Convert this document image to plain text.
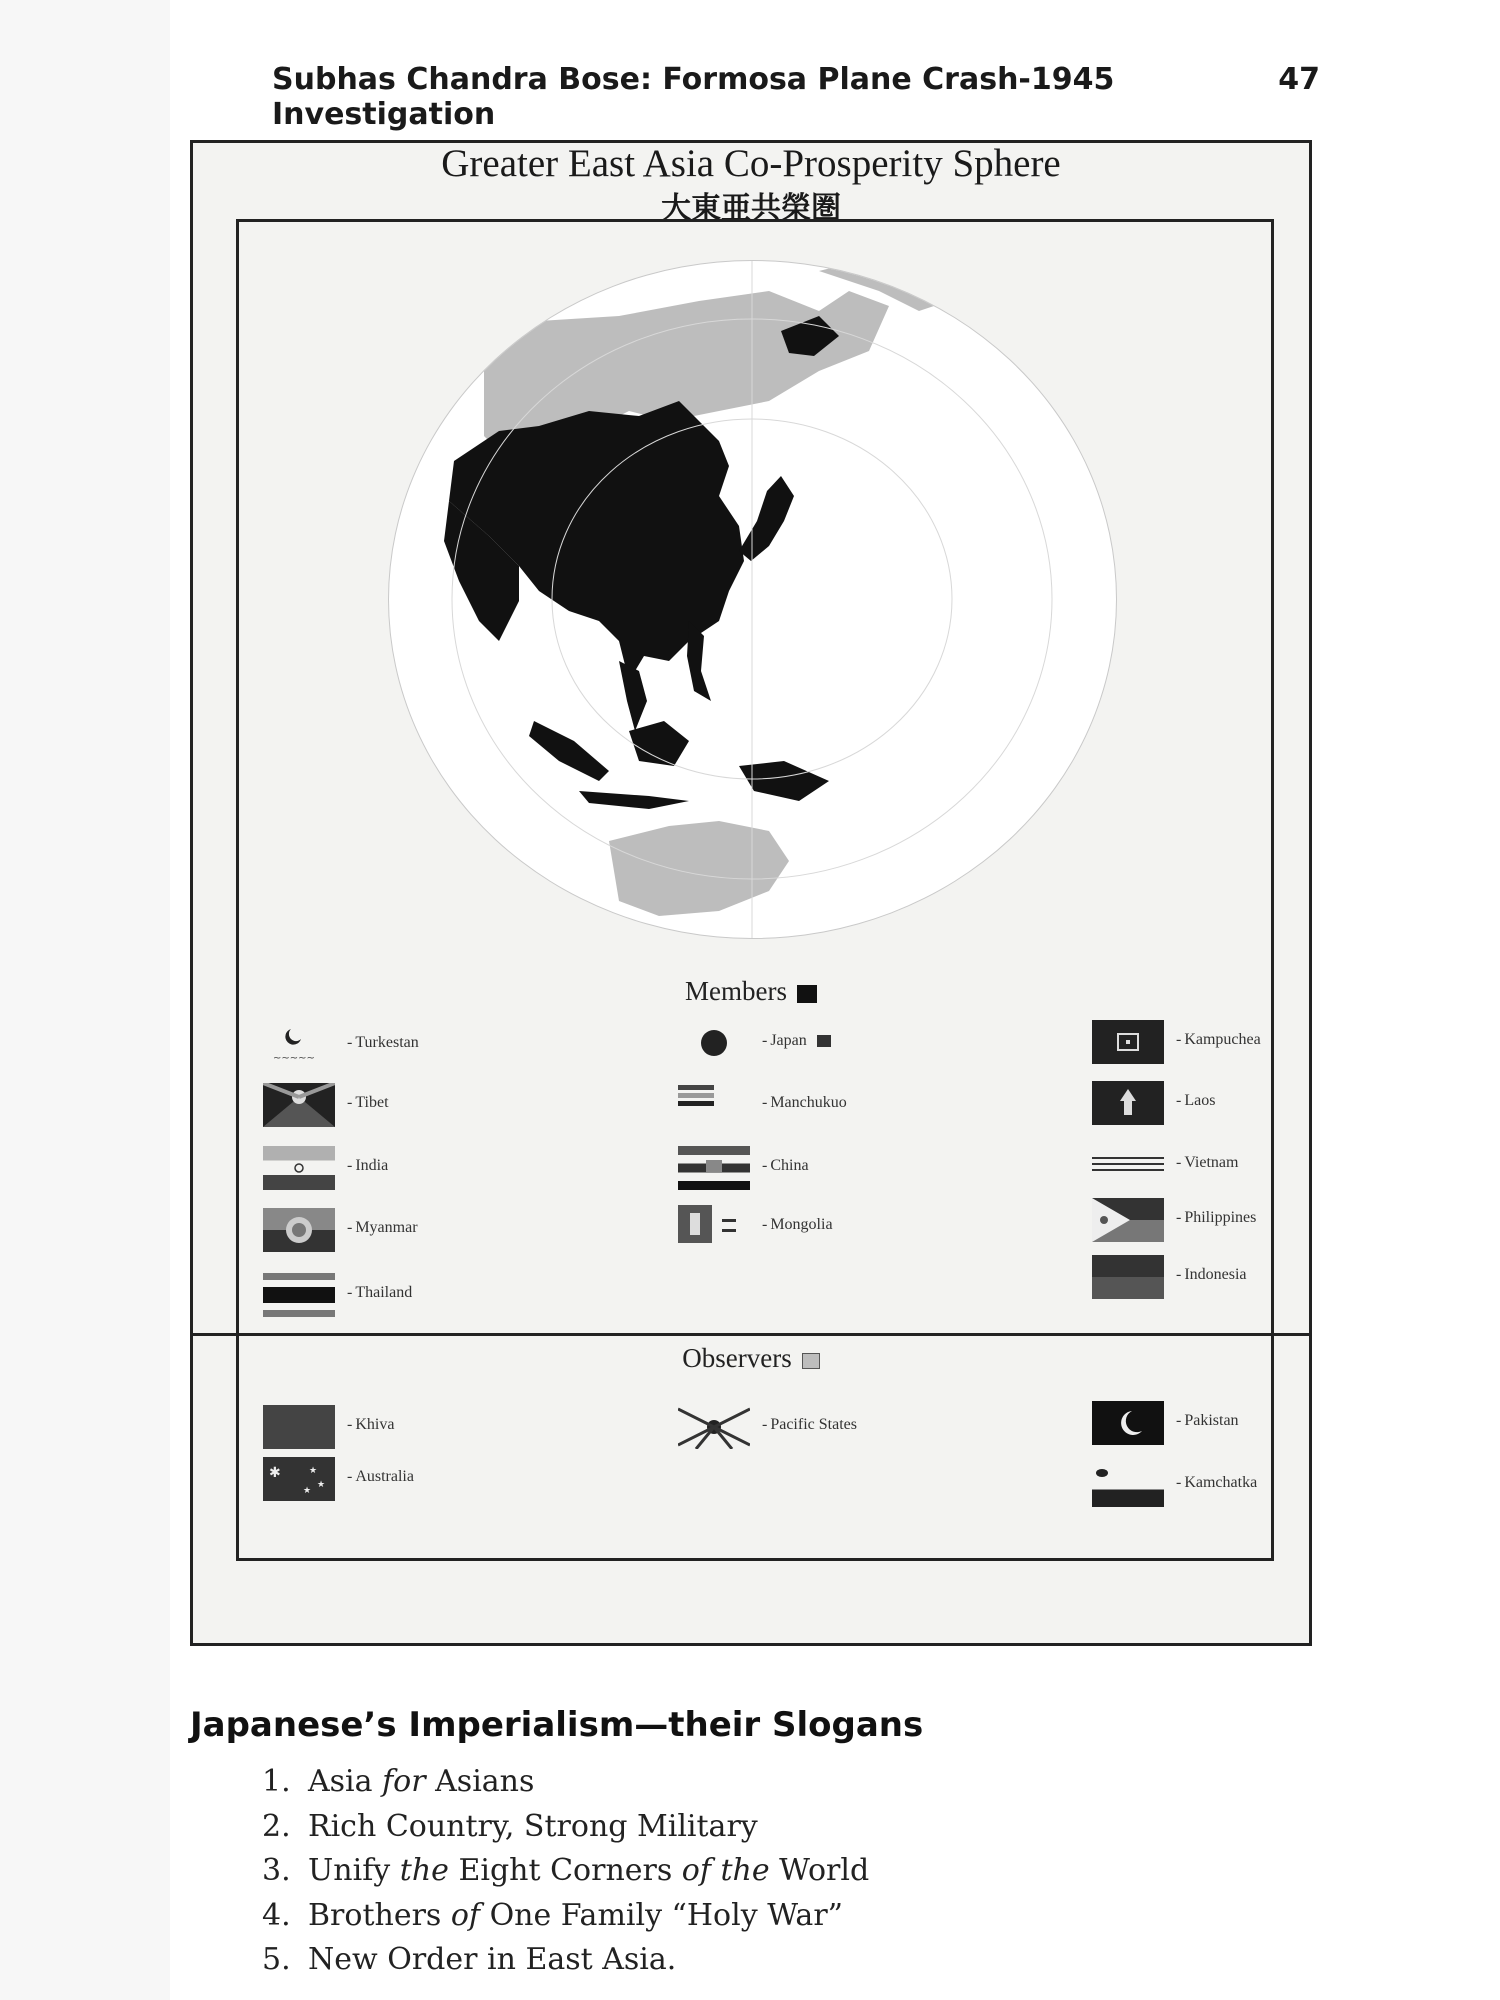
Subhas Chandra Bose: Formosa Plane Crash-1945 Investigation
47
Greater East Asia Co-Prosperity Sphere
大東亜共榮圏
Members
~~~~~
- Turkestan
- Tibet
- India
- Myanmar
- Thailand
- Japan
- Manchukuo
- China
- Mongolia
- Kampuchea
- Laos
- Vietnam
- Philippines
- Indonesia
Observers
- Khiva
✱	★
★
★
- Australia
- Pacific States	- Pakistan
- Kamchatka
Japanese’s Imperialism—their Slogans
1. Asia for Asians
2. Rich Country, Strong Military
3. Unify the Eight Corners of the World
4. Brothers of One Family “Holy War”
5. New Order in East Asia.
